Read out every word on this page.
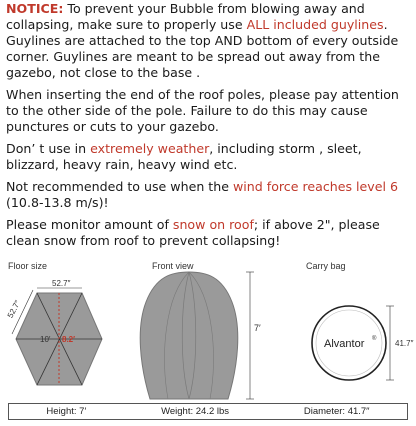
NOTICE: To prevent your Bubble from blowing away and collapsing, make sure to properly use ALL included guylines. Guylines are attached to the top AND bottom of every outside corner. Guylines are meant to be spread out away from the gazebo, not close to the base .

When inserting the end of the roof poles, please pay attention to the other side of the pole. Failure to do this may cause punctures or cuts to your gazebo.

Don’ t use in extremely weather, including storm , sleet, blizzard, heavy rain, heavy wind etc.

Not recommended to use when the wind force reaches level 6 (10.8-13.8 m/s)!

Please monitor amount of snow on roof; if above 2", please clean snow from roof to prevent collapsing!

Floor size	Front view	Carry bag
52.7″
52.7″
10′ 8.2′
7′
Alvantor ® 41.7″
Height: 7′	Weight: 24.2 lbs	Diameter: 41.7″
